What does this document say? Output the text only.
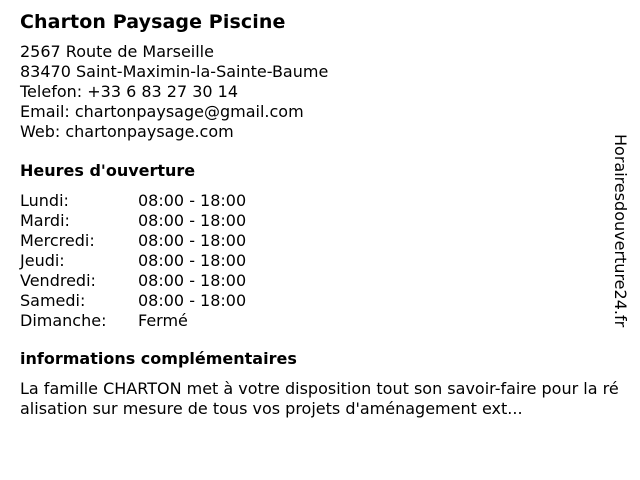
Charton Paysage Piscine
2567 Route de Marseille
83470 Saint-Maximin-la-Sainte-Baume
Telefon: +33 6 83 27 30 14
Email: chartonpaysage@gmail.com
Web: chartonpaysage.com
Heures d'ouverture
Lundi:	08:00 - 18:00
Mardi:	08:00 - 18:00
Mercredi:	08:00 - 18:00
Jeudi:	08:00 - 18:00
Vendredi:	08:00 - 18:00
Samedi:	08:00 - 18:00
Dimanche:	Fermé
informations complémentaires
La famille CHARTON met à votre disposition tout son savoir-faire pour la réalisation sur mesure de tous vos projets d'aménagement ext...
Horairesdouverture24.fr
